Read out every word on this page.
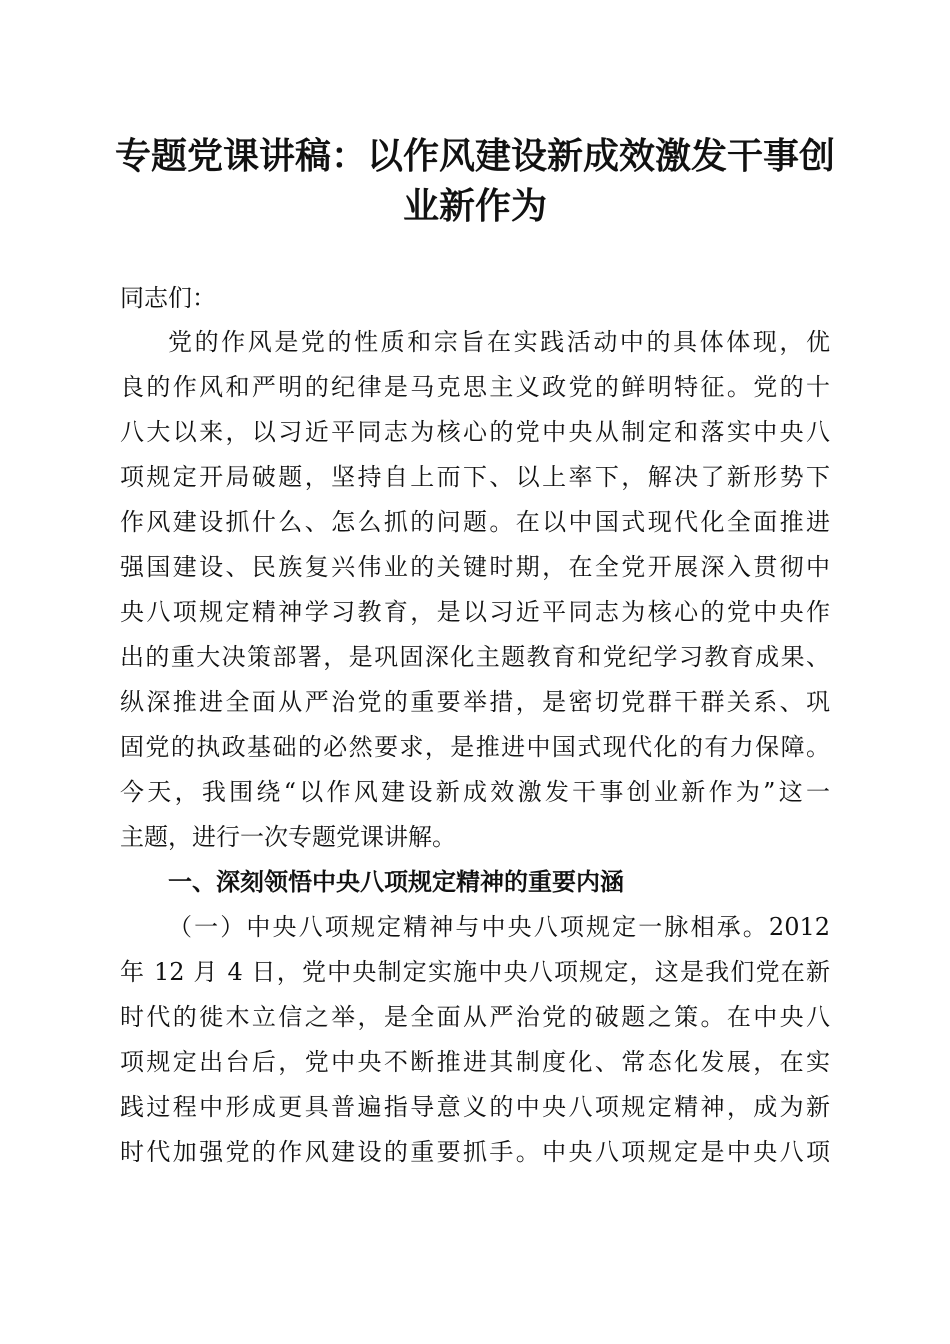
专题党课讲稿：以作风建设新成效激发干事创
业新作为
同志们：
党的作风是党的性质和宗旨在实践活动中的具体体现，优
良的作风和严明的纪律是马克思主义政党的鲜明特征。党的十
八大以来，以习近平同志为核心的党中央从制定和落实中央八
项规定开局破题，坚持自上而下、以上率下，解决了新形势下
作风建设抓什么、怎么抓的问题。在以中国式现代化全面推进
强国建设、民族复兴伟业的关键时期，在全党开展深入贯彻中
央八项规定精神学习教育，是以习近平同志为核心的党中央作
出的重大决策部署，是巩固深化主题教育和党纪学习教育成果、
纵深推进全面从严治党的重要举措，是密切党群干群关系、巩
固党的执政基础的必然要求，是推进中国式现代化的有力保障。
今天，我围绕“以作风建设新成效激发干事创业新作为”这一
主题，进行一次专题党课讲解。
一、深刻领悟中央八项规定精神的重要内涵
（一）中央八项规定精神与中央八项规定一脉相承。2012
年 12 月 4 日，党中央制定实施中央八项规定，这是我们党在新
时代的徙木立信之举，是全面从严治党的破题之策。在中央八
项规定出台后，党中央不断推进其制度化、常态化发展，在实
践过程中形成更具普遍指导意义的中央八项规定精神，成为新
时代加强党的作风建设的重要抓手。中央八项规定是中央八项
